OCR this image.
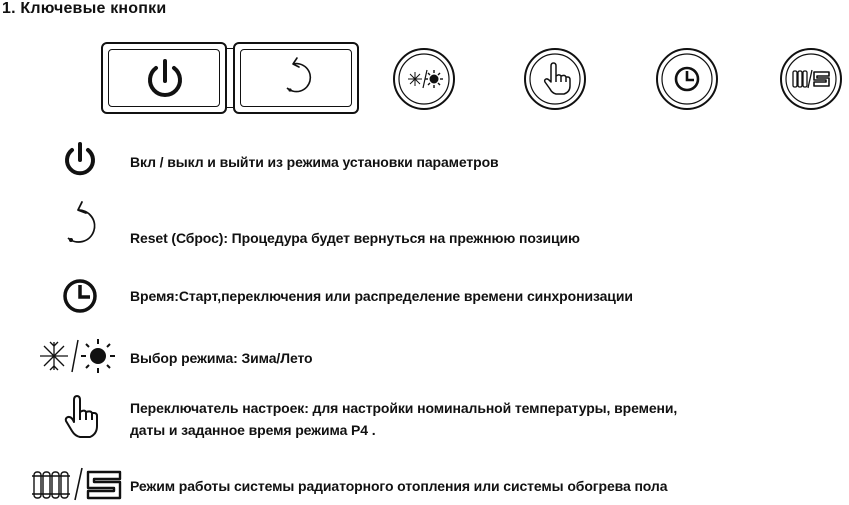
1. Ключевые кнопки
Вкл / выкл и выйти из режима установки параметров
Reset (Сброс): Процедура будет вернуться на прежнюю позицию
Время:Старт,переключения или распределение времени синхронизации
Выбор режима: Зима/Лето
Переключатель настроек: для настройки номинальной температуры, времени,
даты и заданное время режима P4 .
Режим работы системы радиаторного отопления или системы обогрева пола
